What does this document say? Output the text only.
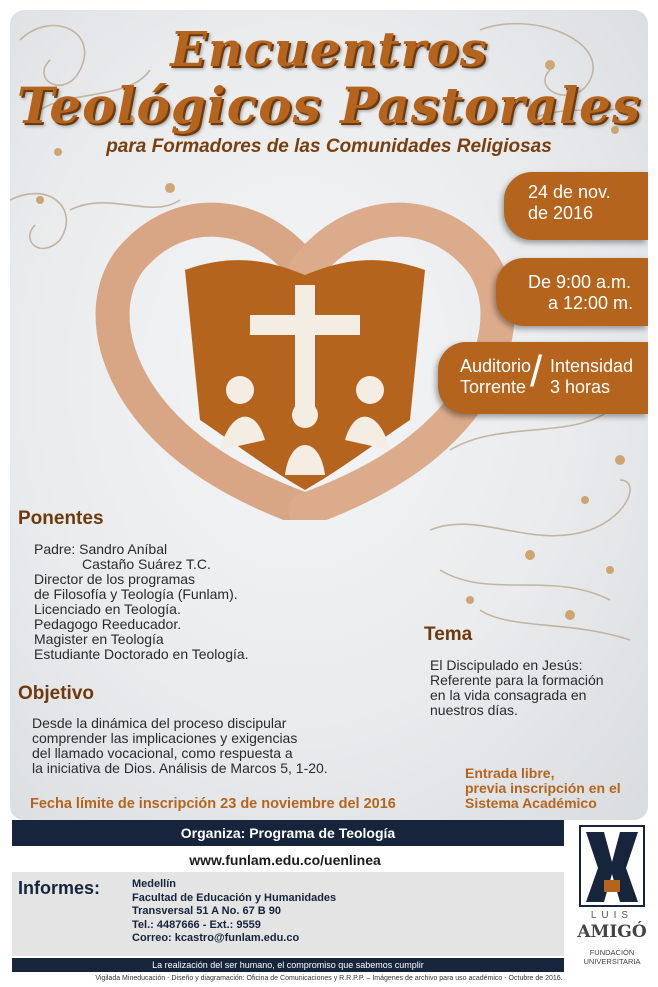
Encuentros
Teológicos Pastorales
para Formadores de las Comunidades Religiosas
24 de nov.
de 2016
De 9:00 a.m.
a 12:00 m.
Auditorio
Torrente / Intensidad
3 horas
Ponentes
Padre: Sandro Aníbal
Castaño Suárez T.C.
Director de los programas
de Filosofía y Teología (Funlam).
Licenciado en Teología.
Pedagogo Reeducador.
Magister en Teología
Estudiante Doctorado en Teología.
Objetivo
Desde la dinámica del proceso discipular
comprender las implicaciones y exigencias
del llamado vocacional, como respuesta a
la iniciativa de Dios. Análisis de Marcos 5, 1-20.
Tema
El Discipulado en Jesús:
Referente para la formación
en la vida consagrada en
nuestros días.
Entrada libre,
previa inscripción en el
Sistema Académico
Fecha límite de inscripción 23 de noviembre del 2016
Organiza: Programa de Teología
www.funlam.edu.co/uenlinea
Informes:	Medellín
Facultad de Educación y Humanidades
Transversal 51 A No. 67 B 90
Tel.: 4487666 - Ext.: 9559
Correo: kcastro@funlam.edu.co
La realización del ser humano, el compromiso que sabemos cumplir
Vigilada Mineducación - Diseño y diagramación: Oficina de Comunicaciones y R.R.P.P. – Imágenes de archivo para uso académico - Octubre de 2016.
LUIS
AMIGÓ
FUNDACIÓN
UNIVERSITARIA
